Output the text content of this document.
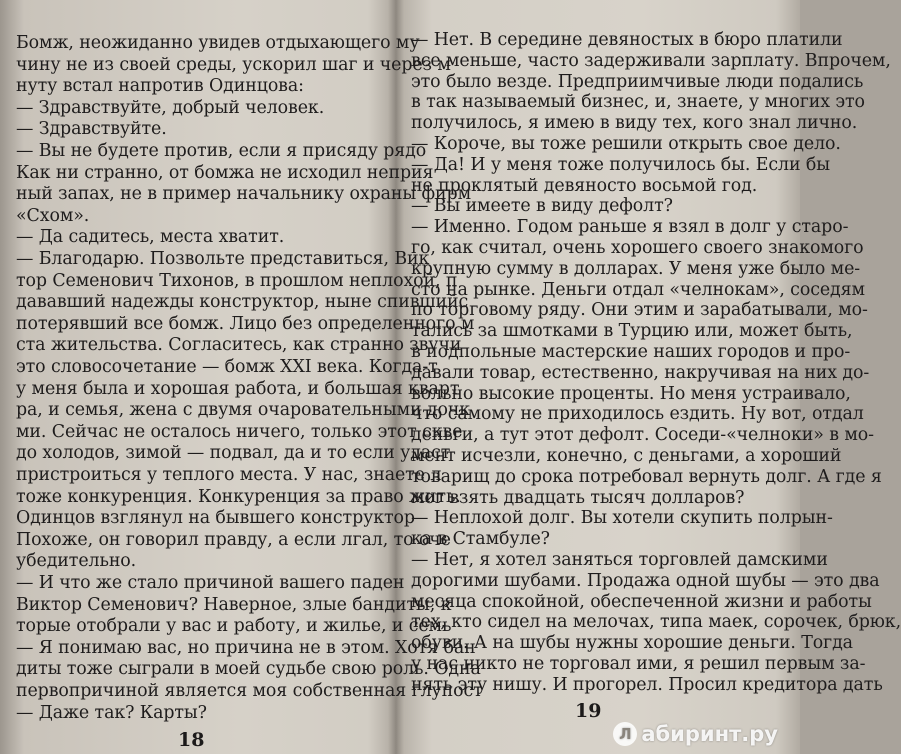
Бомж, неожиданно увидев отдыхающего му
чину не из своей среды, ускорил шаг и через м
нуту встал напротив Одинцова:
— Здравствуйте, добрый человек.
— Здравствуйте.
— Вы не будете против, если я присяду рядо
Как ни странно, от бомжа не исходил неприя
ный запах, не в пример начальнику охраны фирм
«Схом».
— Да садитесь, места хватит.
— Благодарю. Позвольте представиться, Вик
тор Семенович Тихонов, в прошлом неплохой, п
дававший надежды конструктор, ныне спившийс
потерявший все бомж. Лицо без определенного м
ста жительства. Согласитесь, как странно звучи
это словосочетание — бомж XXI века. Когда-т
у меня была и хорошая работа, и большая кварт
ра, и семья, жена с двумя очаровательными дочк
ми. Сейчас не осталось ничего, только этот скве
до холодов, зимой — подвал, да и то если удаст
пристроиться у теплого места. У нас, знаете л
тоже конкуренция. Конкуренция за право жить.
Одинцов взглянул на бывшего конструктор
Похоже, он говорил правду, а если лгал, то оче
убедительно.
— И что же стало причиной вашего паден
Виктор Семенович? Наверное, злые бандиты, к
торые отобрали у вас и работу, и жилье, и семь
— Я понимаю вас, но причина не в этом. Хотя бан
диты тоже сыграли в моей судьбе свою роль. Одна
первопричиной является моя собственная глупост
— Даже так? Карты?
— Нет. В середине девяностых в бюро платили
все меньше, часто задерживали зарплату. Впрочем,
это было везде. Предприимчивые люди подались
в так называемый бизнес, и, знаете, у многих это
получилось, я имею в виду тех, кого знал лично.
— Короче, вы тоже решили открыть свое дело.
— Да! И у меня тоже получилось бы. Если бы
не проклятый девяносто восьмой год.
— Вы имеете в виду дефолт?
— Именно. Годом раньше я взял в долг у старо-
го, как считал, очень хорошего своего знакомого
крупную сумму в долларах. У меня уже было ме-
сто на рынке. Деньги отдал «челнокам», соседям
по торговому ряду. Они этим и зарабатывали, мо-
тались за шмотками в Турцию или, может быть,
в подпольные мастерские наших городов и про-
давали товар, естественно, накручивая на них до-
вольно высокие проценты. Но меня устраивало,
что самому не приходилось ездить. Ну вот, отдал
деньги, а тут этот дефолт. Соседи-«челноки» в мо-
мент исчезли, конечно, с деньгами, а хороший
товарищ до срока потребовал вернуть долг. А где я
мог взять двадцать тысяч долларов?
— Неплохой долг. Вы хотели скупить полрын-
ка в Стамбуле?
— Нет, я хотел заняться торговлей дамскими
дорогими шубами. Продажа одной шубы — это два
месяца спокойной, обеспеченной жизни и работы
тех, кто сидел на мелочах, типа маек, сорочек, брюк,
обуви. А на шубы нужны хорошие деньги. Тогда
у нас никто не торговал ими, я решил первым за-
нять эту нишу. И прогорел. Просил кредитора дать
18
19
Л абиринт.ру
